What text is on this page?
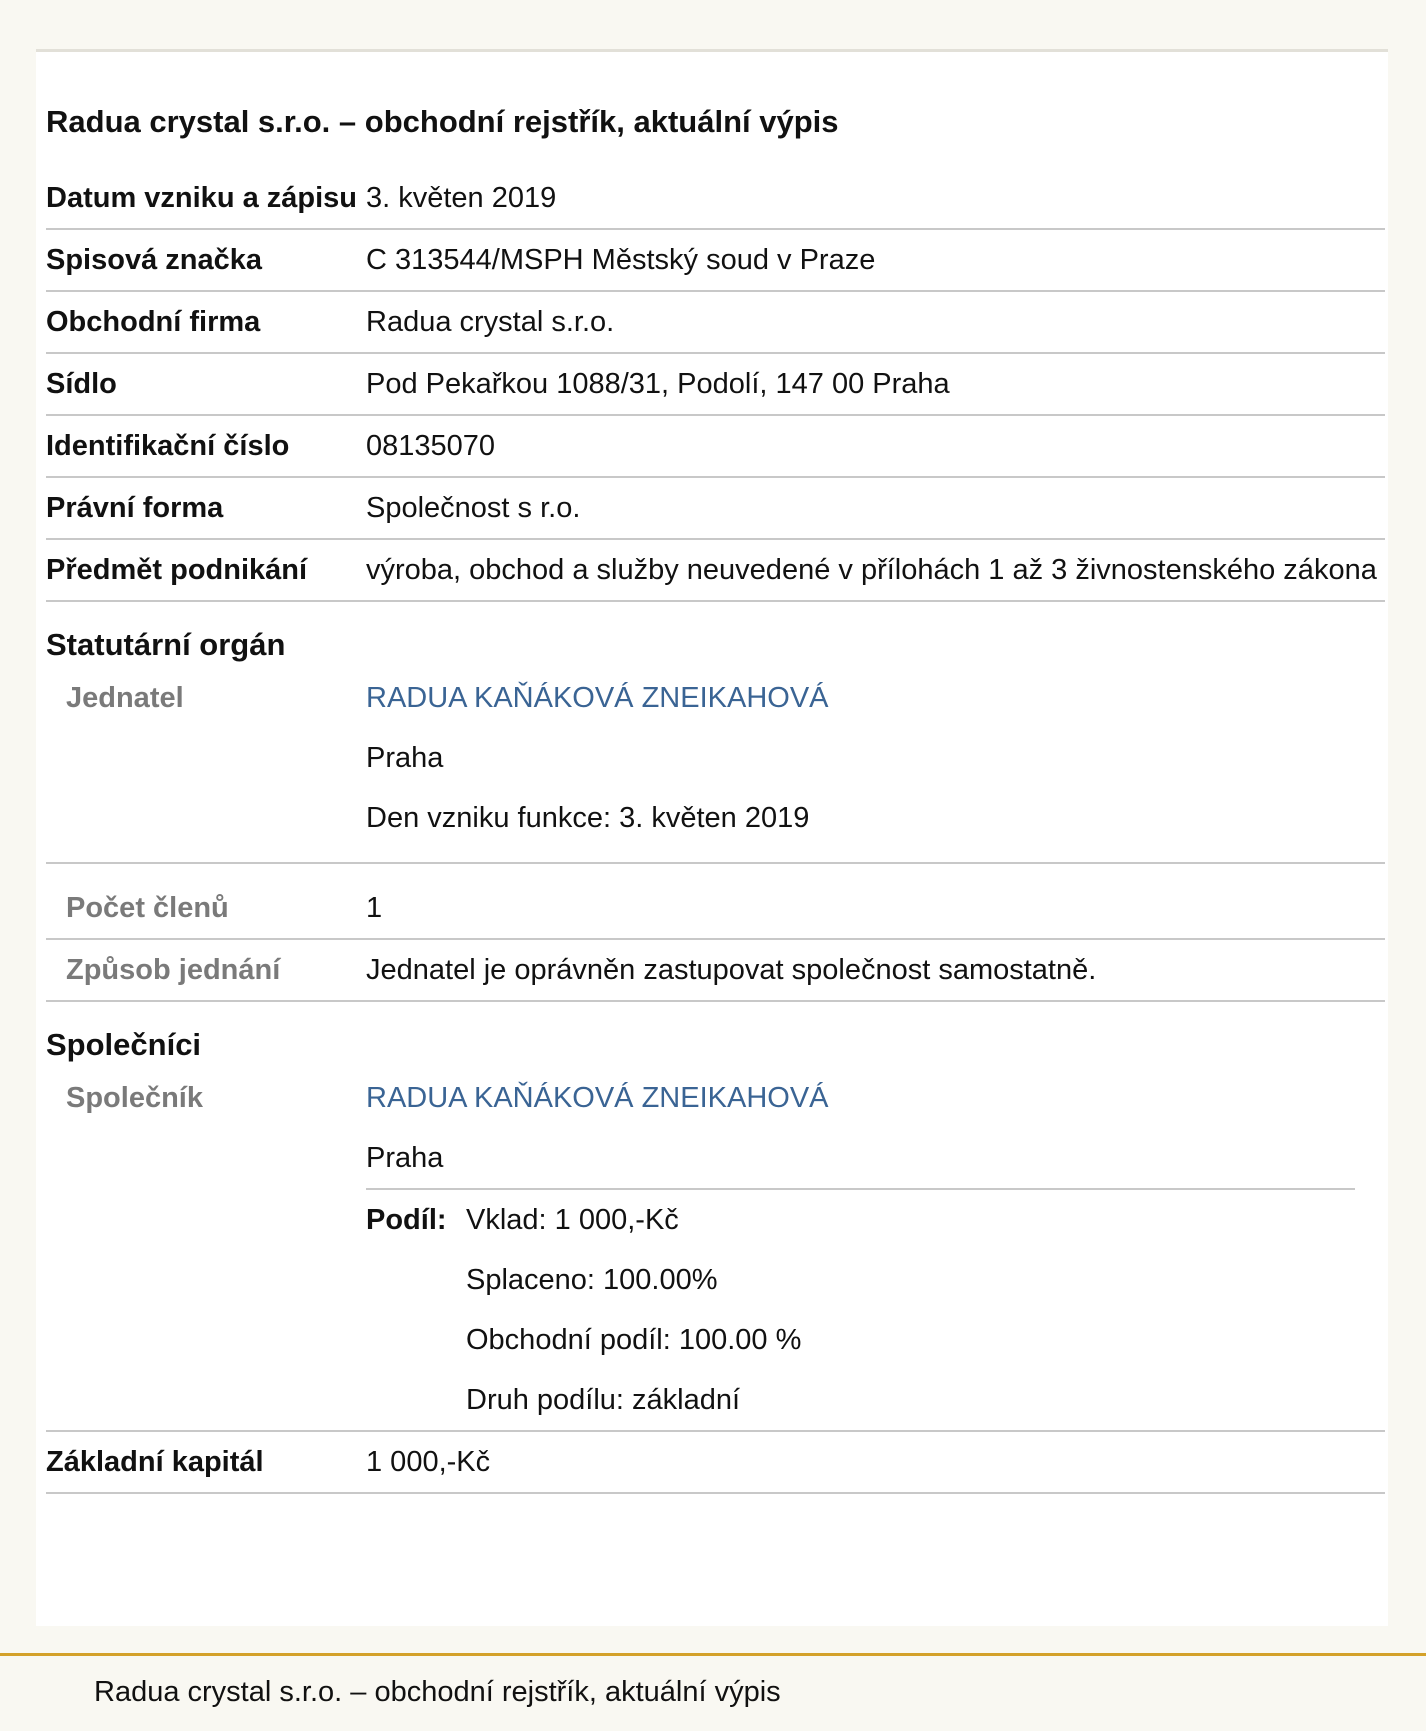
Radua crystal s.r.o. – obchodní rejstřík, aktuální výpis
Datum vzniku a zápisu 3. květen 2019
Spisová značka	C 313544/MSPH Městský soud v Praze
Obchodní firma	Radua crystal s.r.o.
Sídlo	Pod Pekařkou 1088/31, Podolí, 147 00 Praha
Identifikační číslo	08135070
Právní forma	Společnost s r.o.
Předmět podnikání	výroba, obchod a služby neuvedené v přílohách 1 až 3 živnostenského zákona
Statutární orgán
Jednatel	RADUA KAŇÁKOVÁ ZNEIKAHOVÁ
Praha
Den vzniku funkce: 3. květen 2019
Počet členů	1
Způsob jednání	Jednatel je oprávněn zastupovat společnost samostatně.
Společníci
Společník	RADUA KAŇÁKOVÁ ZNEIKAHOVÁ
Praha
Podíl: Vklad: 1 000,-Kč
Splaceno: 100.00%
Obchodní podíl: 100.00 %
Druh podílu: základní
Základní kapitál	1 000,-Kč
Radua crystal s.r.o. – obchodní rejstřík, aktuální výpis
